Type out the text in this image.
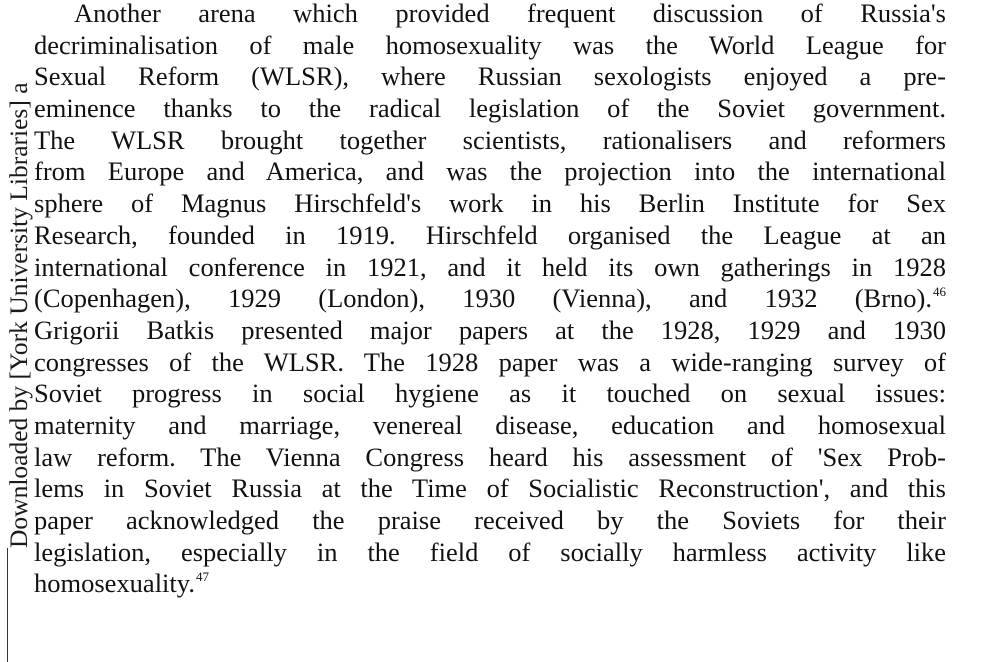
Downloaded by [York University Libraries] a
Another arena which provided frequent discussion of Russia's
decriminalisation of male homosexuality was the World League for
Sexual Reform (WLSR), where Russian sexologists enjoyed a pre-
eminence thanks to the radical legislation of the Soviet government.
The WLSR brought together scientists, rationalisers and reformers
from Europe and America, and was the projection into the international
sphere of Magnus Hirschfeld's work in his Berlin Institute for Sex
Research, founded in 1919. Hirschfeld organised the League at an
international conference in 1921, and it held its own gatherings in 1928
(Copenhagen), 1929 (London), 1930 (Vienna), and 1932 (Brno).$^{46}$
Grigorii Batkis presented major papers at the 1928, 1929 and 1930
congresses of the WLSR. The 1928 paper was a wide-ranging survey of
Soviet progress in social hygiene as it touched on sexual issues:
maternity and marriage, venereal disease, education and homosexual
law reform. The Vienna Congress heard his assessment of 'Sex Prob-
lems in Soviet Russia at the Time of Socialistic Reconstruction', and this
paper acknowledged the praise received by the Soviets for their
legislation, especially in the field of socially harmless activity like
homosexuality.$^{47}$
